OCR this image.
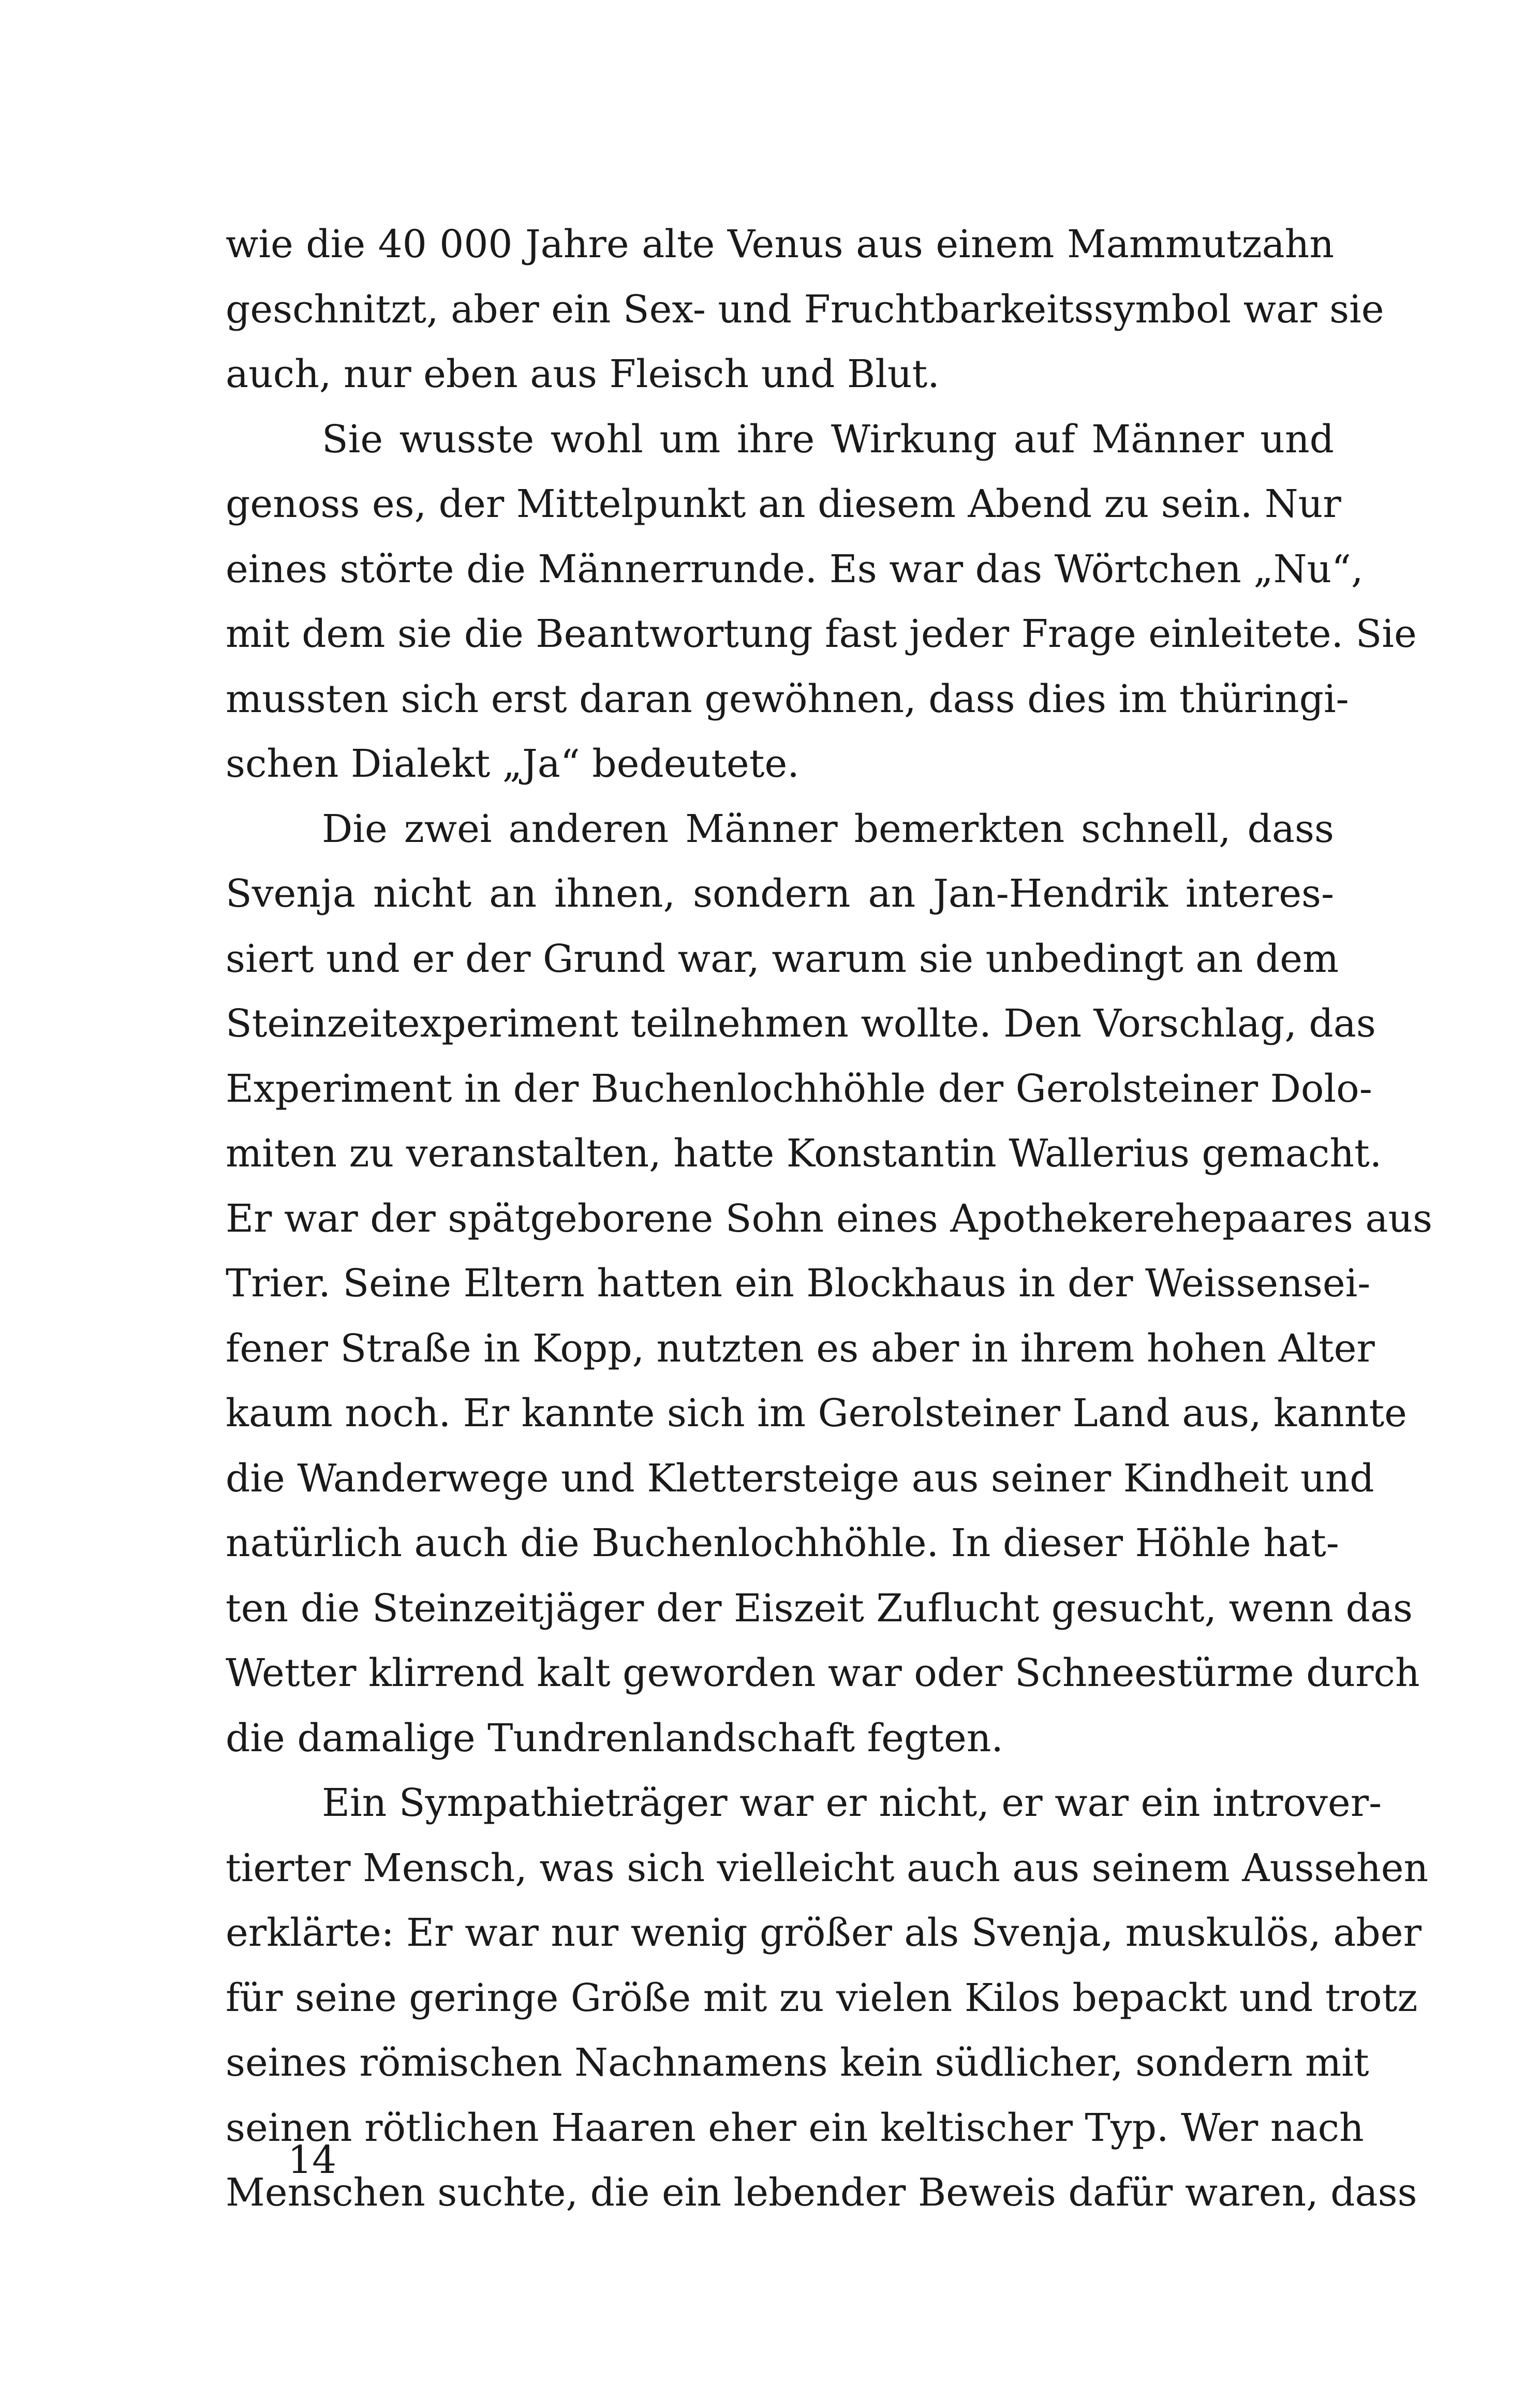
wie die 40 000 Jahre alte Venus aus einem Mammutzahn
geschnitzt, aber ein Sex- und Fruchtbarkeitssymbol war sie
auch, nur eben aus Fleisch und Blut.
Sie wusste wohl um ihre Wirkung auf Männer und
genoss es, der Mittelpunkt an diesem Abend zu sein. Nur
eines störte die Männerrunde. Es war das Wörtchen „Nu“,
mit dem sie die Beantwortung fast jeder Frage einleitete. Sie
mussten sich erst daran gewöhnen, dass dies im thüringi-
schen Dialekt „Ja“ bedeutete.
Die zwei anderen Männer bemerkten schnell, dass
Svenja nicht an ihnen, sondern an Jan-Hendrik interes-
siert und er der Grund war, warum sie unbedingt an dem
Steinzeitexperiment teilnehmen wollte. Den Vorschlag, das
Experiment in der Buchenlochhöhle der Gerolsteiner Dolo-
miten zu veranstalten, hatte Konstantin Wallerius gemacht.
Er war der spätgeborene Sohn eines Apothekerehepaares aus
Trier. Seine Eltern hatten ein Blockhaus in der Weissensei-
fener Straße in Kopp, nutzten es aber in ihrem hohen Alter
kaum noch. Er kannte sich im Gerolsteiner Land aus, kannte
die Wanderwege und Klettersteige aus seiner Kindheit und
natürlich auch die Buchenlochhöhle. In dieser Höhle hat-
ten die Steinzeitjäger der Eiszeit Zuflucht gesucht, wenn das
Wetter klirrend kalt geworden war oder Schneestürme durch
die damalige Tundrenlandschaft fegten.
Ein Sympathieträger war er nicht, er war ein introver-
tierter Mensch, was sich vielleicht auch aus seinem Aussehen
erklärte: Er war nur wenig größer als Svenja, muskulös, aber
für seine geringe Größe mit zu vielen Kilos bepackt und trotz
seines römischen Nachnamens kein südlicher, sondern mit
seinen rötlichen Haaren eher ein keltischer Typ. Wer nach
Menschen suchte, die ein lebender Beweis dafür waren, dass
14
